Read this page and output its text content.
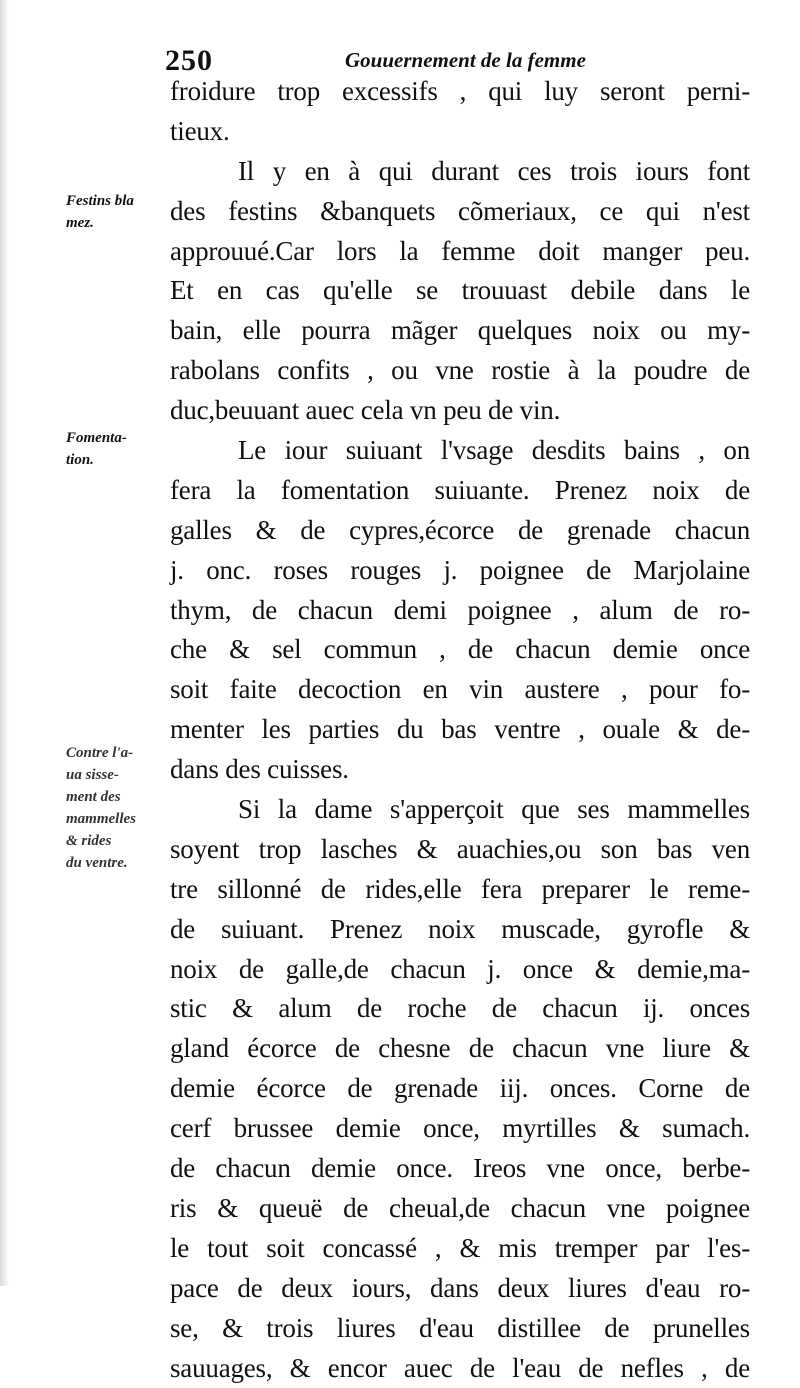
250	Gouuernement de la femme
Festins bla
mez.
Fomenta-
tion.
Contre l'a-
ua sisse-
ment des
mammelles
& rides
du ventre.
froidure trop excessifs , qui luy seront perni-
tieux.
Il y en à qui durant ces trois iours font
des festins &banquets cõmeriaux, ce qui n'est
approuué.Car lors la femme doit manger peu.
Et en cas qu'elle se trouuast debile dans le
bain, elle pourra mãger quelques noix ou my-
rabolans confits , ou vne rostie à la poudre de
duc,beuuant auec cela vn peu de vin.
Le iour suiuant l'vsage desdits bains , on
fera la fomentation suiuante. Prenez noix de
galles & de cypres,écorce de grenade chacun
j. onc. roses rouges j. poignee de Marjolaine
thym, de chacun demi poignee , alum de ro-
che & sel commun , de chacun demie once
soit faite decoction en vin austere , pour fo-
menter les parties du bas ventre , ouale & de-
dans des cuisses.
Si la dame s'apperçoit que ses mammelles
soyent trop lasches & auachies,ou son bas ven
tre sillonné de rides,elle fera preparer le reme-
de suiuant. Prenez noix muscade, gyrofle &
noix de galle,de chacun j. once & demie,ma-
stic & alum de roche de chacun ij. onces
gland écorce de chesne de chacun vne liure &
demie écorce de grenade iij. onces. Corne de
cerf brussee demie once, myrtilles & sumach.
de chacun demie once. Ireos vne once, berbe-
ris & queuë de cheual,de chacun vne poignee
le tout soit concassé , & mis tremper par l'es-
pace de deux iours, dans deux liures d'eau ro-
se, & trois liures d'eau distillee de prunelles
sauuages, & encor auec de l'eau de nefles , de
